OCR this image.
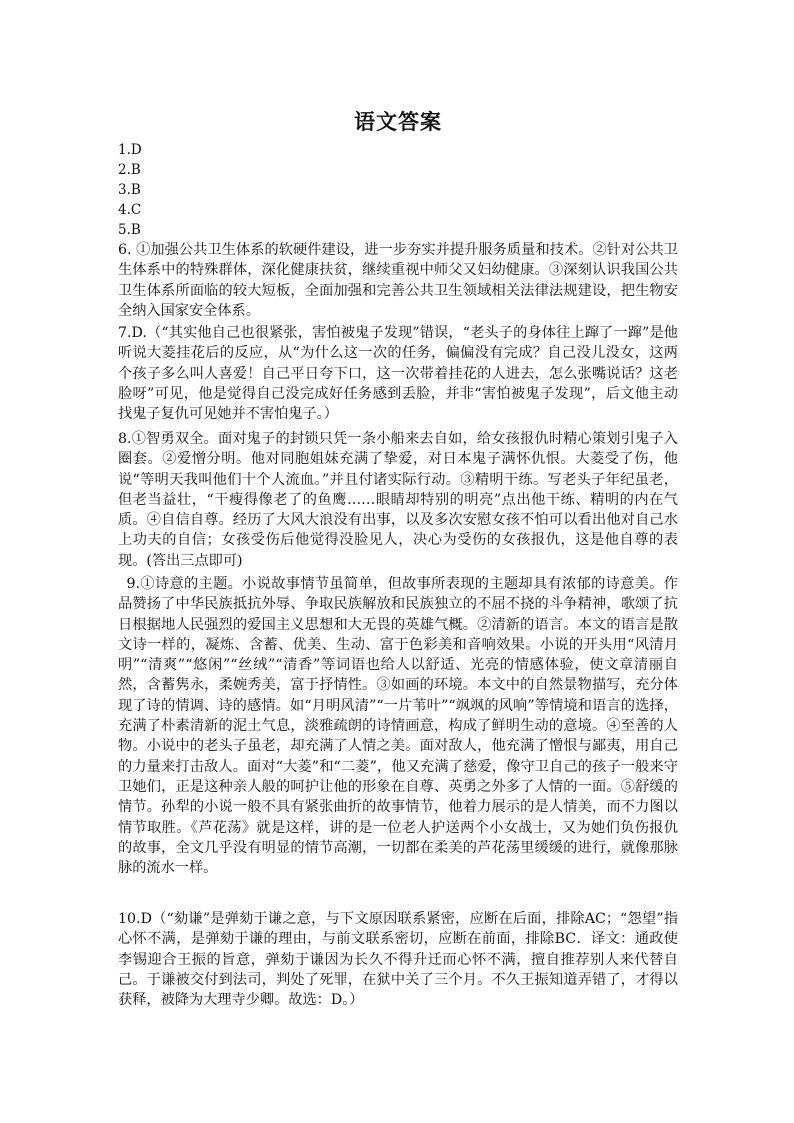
语文答案
1.D
2.B
3.B
4.C
5.B
6. ①加强公共卫生体系的软硬件建设，进一步夯实并提升服务质量和技术。②针对公共卫生体系中的特殊群体，深化健康扶贫，继续重视中师父又妇幼健康。③深刻认识我国公共卫生体系所面临的较大短板，全面加强和完善公共卫生领域相关法律法规建设，把生物安全纳入国家安全体系。
7.D.（“其实他自己也很紧张，害怕被鬼子发现”错误，“老头子的身体往上蹿了一蹿”是他听说大菱挂花后的反应，从“为什么这一次的任务，偏偏没有完成？自己没儿没女，这两个孩子多么叫人喜爱！自己平日夸下口，这一次带着挂花的人进去，怎么张嘴说话？这老脸呀”可见，他是觉得自己没完成好任务感到丢脸，并非“害怕被鬼子发现”，后文他主动找鬼子复仇可见她并不害怕鬼子。）
8.①智勇双全。面对鬼子的封锁只凭一条小船来去自如，给女孩报仇时精心策划引鬼子入圈套。②爱憎分明。他对同胞姐妹充满了挚爱，对日本鬼子满怀仇恨。大菱受了伤，他说“等明天我叫他们十个人流血。”并且付诸实际行动。③精明干练。写老头子年纪虽老，但老当益壮，“干瘦得像老了的鱼鹰……眼睛却特别的明亮”点出他干练、精明的内在气质。④自信自尊。经历了大风大浪没有出事，以及多次安慰女孩不怕可以看出他对自己水上功夫的自信；女孩受伤后他觉得没脸见人，决心为受伤的女孩报仇，这是他自尊的表现。(答出三点即可)
9.①诗意的主题。小说故事情节虽简单，但故事所表现的主题却具有浓郁的诗意美。作品赞扬了中华民族抵抗外辱、争取民族解放和民族独立的不屈不挠的斗争精神，歌颂了抗日根据地人民强烈的爱国主义思想和大无畏的英雄气概。②清新的语言。本文的语言是散文诗一样的，凝炼、含蓄、优美、生动、富于色彩美和音响效果。小说的开头用“风清月明”“清爽”“悠闲”“丝绒”“清香”等词语也给人以舒适、光亮的情感体验，使文章清丽自然，含蓄隽永，柔婉秀美，富于抒情性。③如画的环境。本文中的自然景物描写，充分体现了诗的情调、诗的感情。如“月明风清”“一片苇叶”“飒飒的风响”等情境和语言的选择，充满了朴素清新的泥土气息，淡雅疏朗的诗情画意，构成了鲜明生动的意境。④至善的人物。小说中的老头子虽老，却充满了人情之美。面对敌人，他充满了憎恨与鄙夷，用自己的力量来打击敌人。面对“大菱”和“二菱”，他又充满了慈爱，像守卫自己的孩子一般来守卫她们，正是这种亲人般的呵护让他的形象在自尊、英勇之外多了人情的一面。⑤舒缓的情节。孙犁的小说一般不具有紧张曲折的故事情节，他着力展示的是人情美，而不力图以情节取胜。《芦花荡》就是这样，讲的是一位老人护送两个小女战士，又为她们负伤报仇的故事，全文几乎没有明显的情节高潮，一切都在柔美的芦花荡里缓缓的进行，就像那脉脉的流水一样。
10.D（“劾谦”是弹劾于谦之意，与下文原因联系紧密，应断在后面，排除AC；“怨望”指心怀不满，是弹劾于谦的理由，与前文联系密切，应断在前面，排除BC．译文：通政使李锡迎合王振的旨意，弹劾于谦因为长久不得升迁而心怀不满，擅自推荐别人来代替自己。于谦被交付到法司，判处了死罪，在狱中关了三个月。不久王振知道弄错了，才得以获释，被降为大理寺少卿。故选：D。）
